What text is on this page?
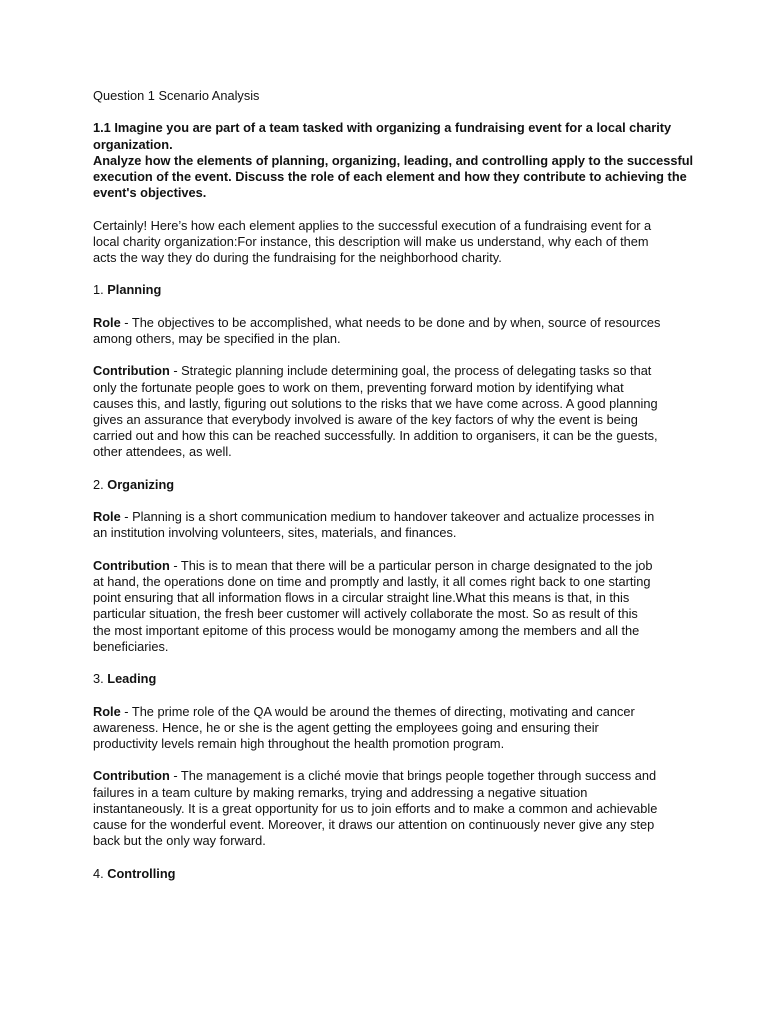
Question 1 Scenario Analysis

1.1 Imagine you are part of a team tasked with organizing a fundraising event for a local charity
organization.
Analyze how the elements of planning, organizing, leading, and controlling apply to the successful
execution of the event. Discuss the role of each element and how they contribute to achieving the
event's objectives.

Certainly! Here’s how each element applies to the successful execution of a fundraising event for a
local charity organization:For instance, this description will make us understand, why each of them
acts the way they do during the fundraising for the neighborhood charity.

1. Planning

Role - The objectives to be accomplished, what needs to be done and by when, source of resources
among others, may be specified in the plan.

Contribution - Strategic planning include determining goal, the process of delegating tasks so that
only the fortunate people goes to work on them, preventing forward motion by identifying what
causes this, and lastly, figuring out solutions to the risks that we have come across. A good planning
gives an assurance that everybody involved is aware of the key factors of why the event is being
carried out and how this can be reached successfully. In addition to organisers, it can be the guests,
other attendees, as well.

2. Organizing

Role - Planning is a short communication medium to handover takeover and actualize processes in
an institution involving volunteers, sites, materials, and finances.

Contribution - This is to mean that there will be a particular person in charge designated to the job
at hand, the operations done on time and promptly and lastly, it all comes right back to one starting
point ensuring that all information flows in a circular straight line.What this means is that, in this
particular situation, the fresh beer customer will actively collaborate the most. So as result of this
the most important epitome of this process would be monogamy among the members and all the
beneficiaries.

3. Leading

Role - The prime role of the QA would be around the themes of directing, motivating and cancer
awareness. Hence, he or she is the agent getting the employees going and ensuring their
productivity levels remain high throughout the health promotion program.

Contribution - The management is a cliché movie that brings people together through success and
failures in a team culture by making remarks, trying and addressing a negative situation
instantaneously. It is a great opportunity for us to join efforts and to make a common and achievable
cause for the wonderful event. Moreover, it draws our attention on continuously never give any step
back but the only way forward.

4. Controlling
